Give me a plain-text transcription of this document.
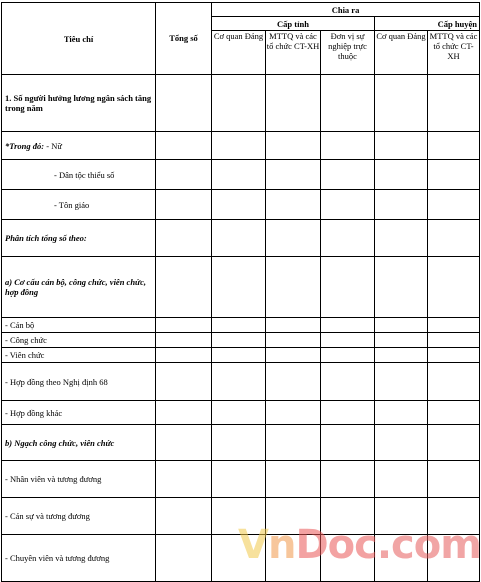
Tiêu chí	Tổng số	Chia ra				
		Cấp tỉnh			Cấp huyện	
		Cơ quan Đảng	MTTQ và các tổ chức CT-XH	Đơn vị sự nghiệp trực thuộc	Cơ quan Đảng	MTTQ và các tổ chức CT-XH
1. Số người hưởng lương ngân sách tăng trong năm						
*Trong đó: - Nữ						
- Dân tộc thiểu số						
- Tôn giáo						
Phân tích tổng số theo:						
a) Cơ cấu cán bộ, công chức, viên chức, hợp đồng						
- Cán bộ						
- Công chức						
- Viên chức						
- Hợp đồng theo Nghị định 68						
- Hợp đồng khác						
b) Ngạch công chức, viên chức						
- Nhân viên và tương đương						
- Cán sự và tương đương						
- Chuyên viên và tương đương							VnDoc.com
